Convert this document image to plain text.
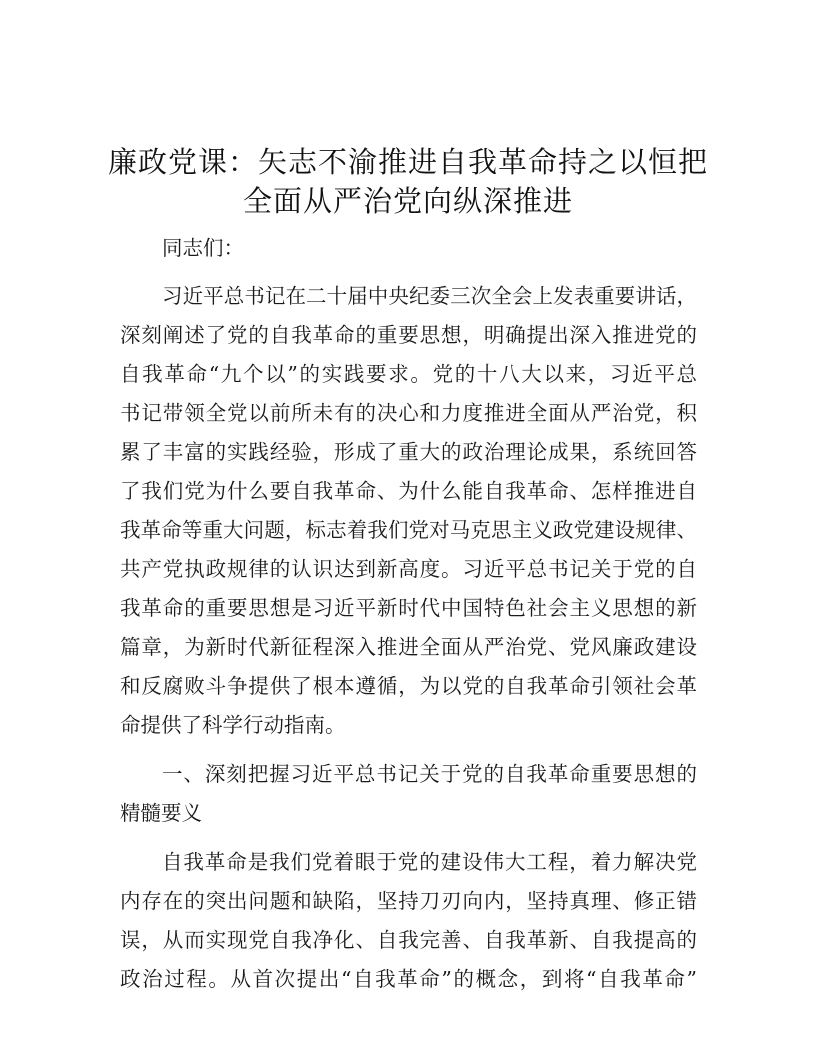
廉政党课：矢志不渝推进自我革命持之以恒把
全面从严治党向纵深推进
同志们：
习近平总书记在二十届中央纪委三次全会上发表重要讲话，
深刻阐述了党的自我革命的重要思想，明确提出深入推进党的
自我革命“九个以”的实践要求。党的十八大以来，习近平总
书记带领全党以前所未有的决心和力度推进全面从严治党，积
累了丰富的实践经验，形成了重大的政治理论成果，系统回答
了我们党为什么要自我革命、为什么能自我革命、怎样推进自
我革命等重大问题，标志着我们党对马克思主义政党建设规律、
共产党执政规律的认识达到新高度。习近平总书记关于党的自
我革命的重要思想是习近平新时代中国特色社会主义思想的新
篇章，为新时代新征程深入推进全面从严治党、党风廉政建设
和反腐败斗争提供了根本遵循，为以党的自我革命引领社会革
命提供了科学行动指南。
一、深刻把握习近平总书记关于党的自我革命重要思想的
精髓要义
自我革命是我们党着眼于党的建设伟大工程，着力解决党
内存在的突出问题和缺陷，坚持刀刃向内，坚持真理、修正错
误，从而实现党自我净化、自我完善、自我革新、自我提高的
政治过程。从首次提出“自我革命”的概念，到将“自我革命”
